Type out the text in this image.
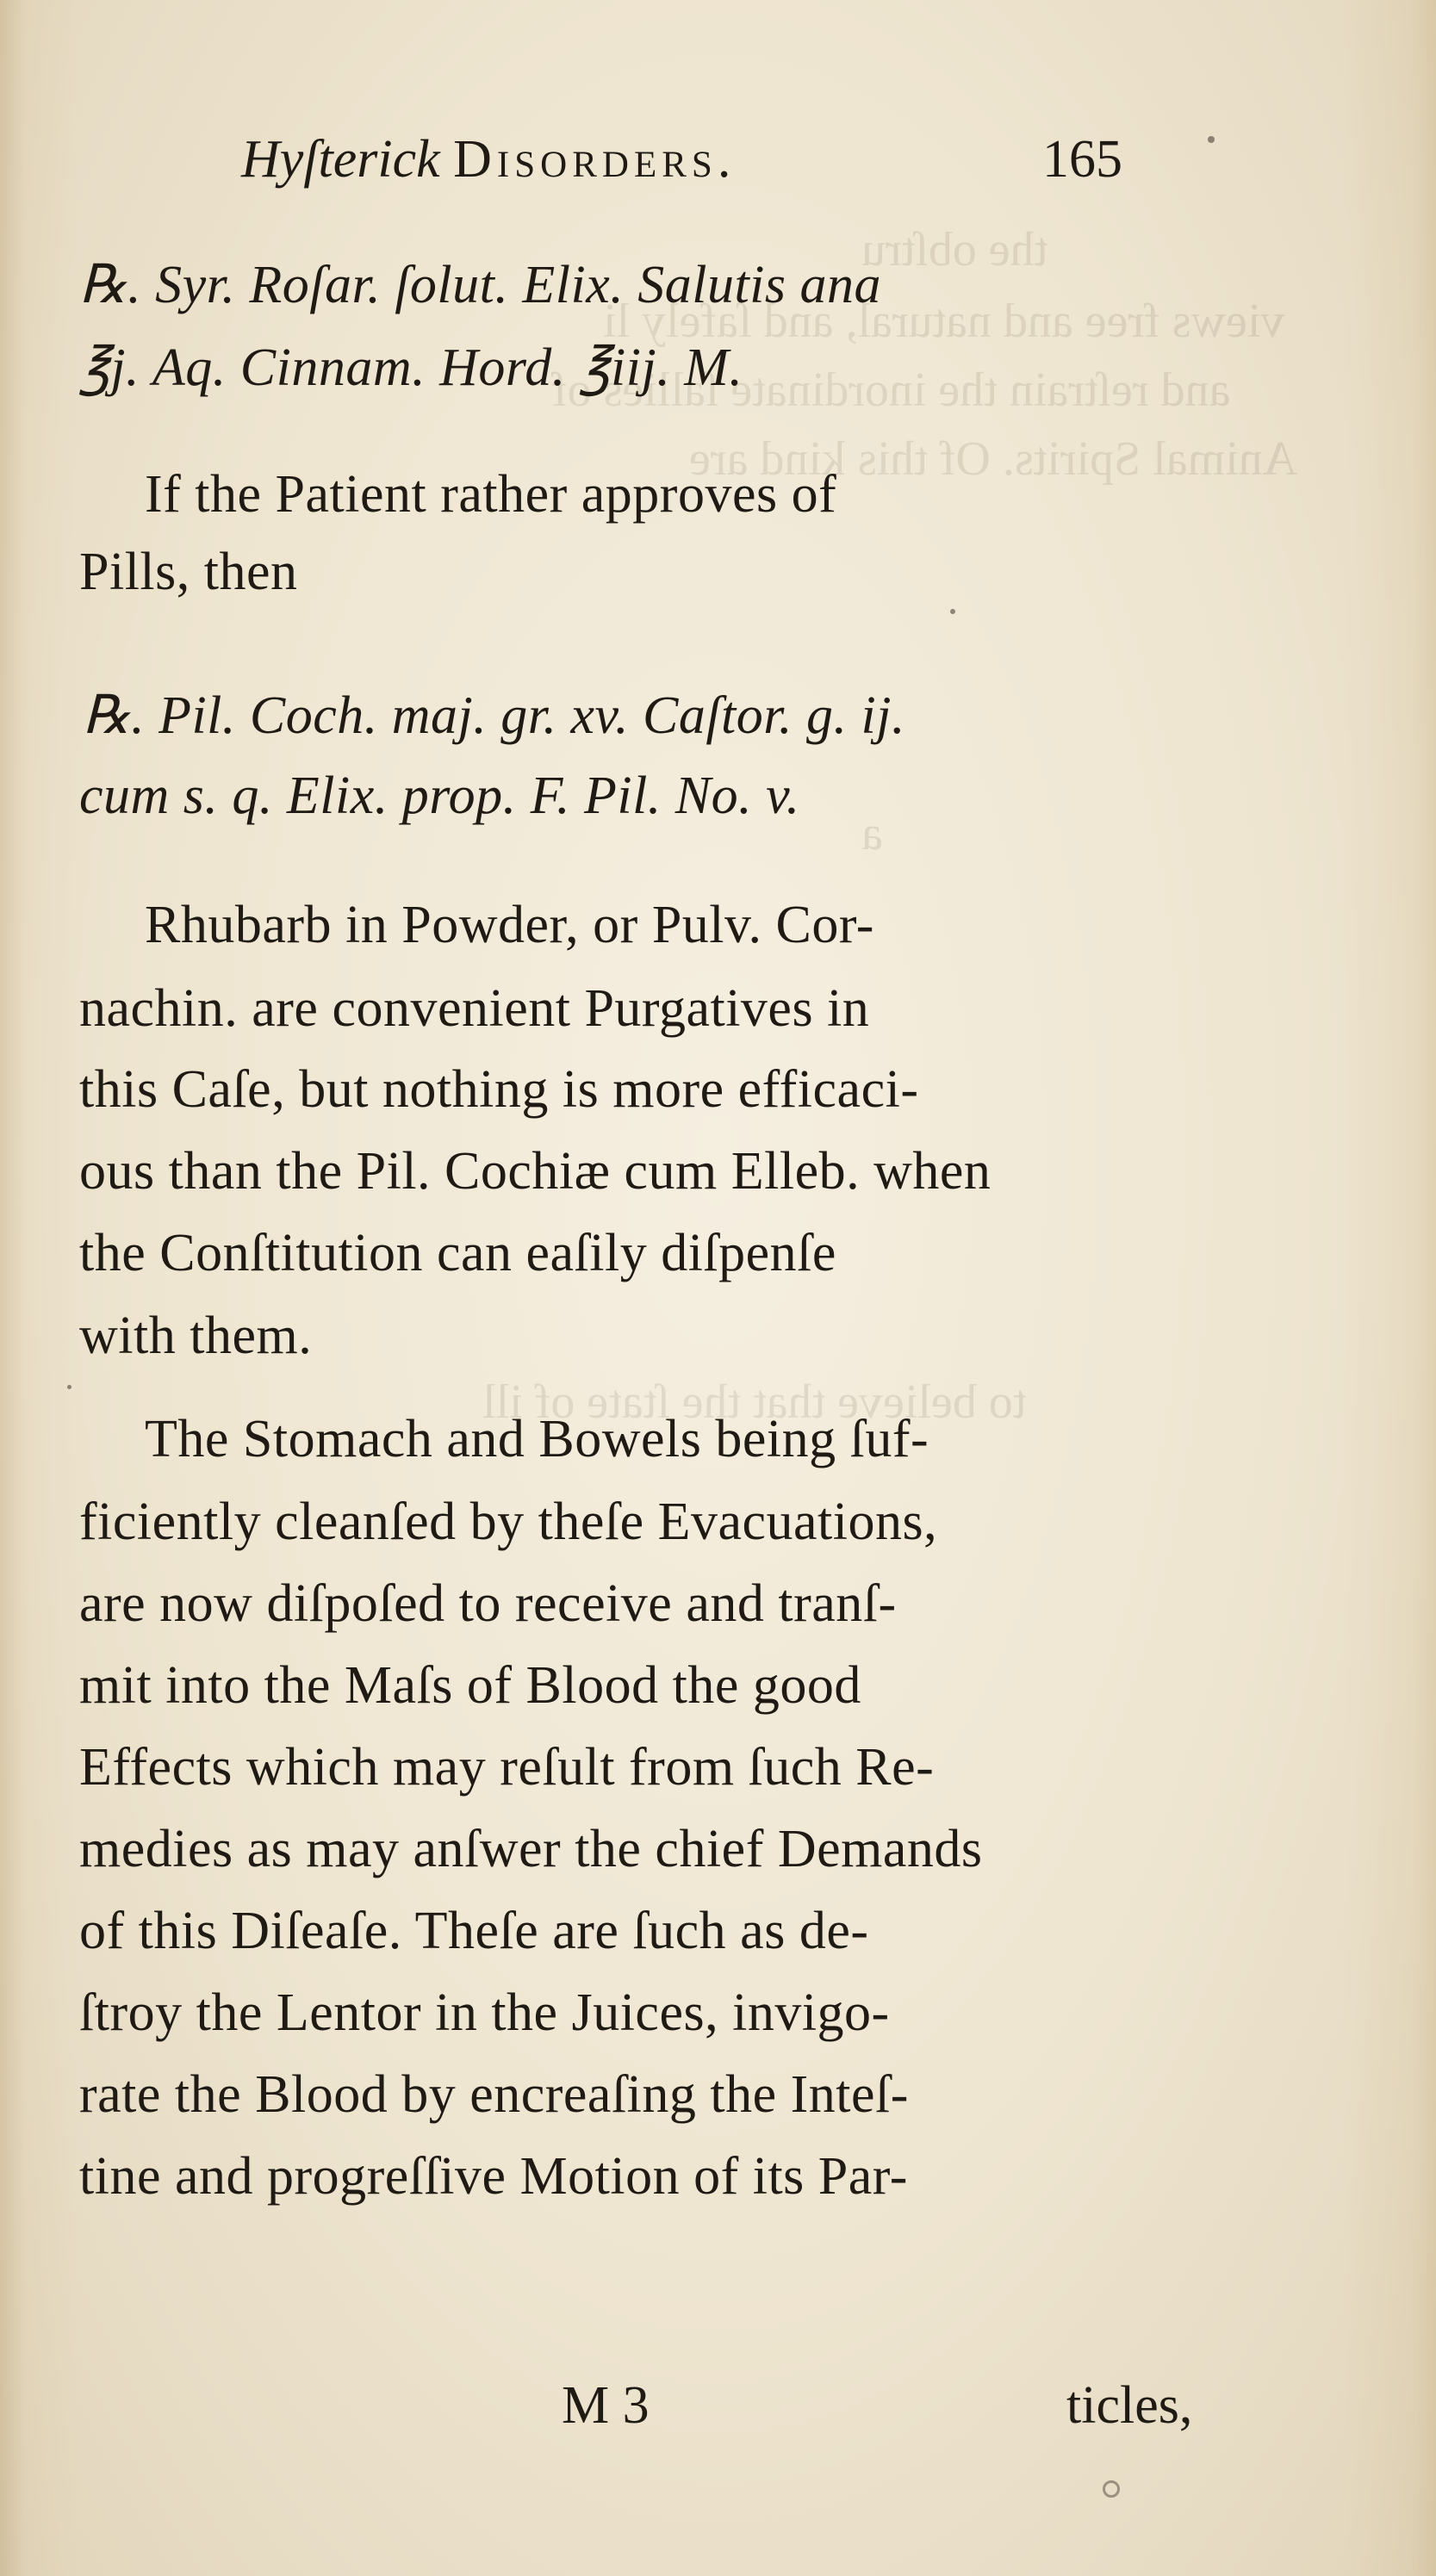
the obſtru
views free and natural, and ſafely li
and reſtrain the inordinate ſallies of
Animal Spirits. Of this kind are
a
to believe that the ſtate of ill
Hyſterick Disorders.	165
℞. Syr. Roſar. ſolut. Elix. Salutis ana
℥j. Aq. Cinnam. Hord. ℥iij. M.
If the Patient rather approves of
Pills, then
℞. Pil. Coch. maj. gr. xv. Caſtor. g. ij.
cum s. q. Elix. prop. F. Pil. No. v.
Rhubarb in Powder, or Pulv. Cor-
nachin. are convenient Purgatives in
this Caſe, but nothing is more efficaci-
ous than the Pil. Cochiæ cum Elleb. when
the Conſtitution can eaſily diſpenſe
with them.
The Stomach and Bowels being ſuf-
ficiently cleanſed by theſe Evacuations,
are now diſpoſed to receive and tranſ-
mit into the Maſs of Blood the good
Effects which may reſult from ſuch Re-
medies as may anſwer the chief Demands
of this Diſeaſe. Theſe are ſuch as de-
ſtroy the Lentor in the Juices, invigo-
rate the Blood by encreaſing the Inteſ-
tine and progreſſive Motion of its Par-
M 3	ticles,
